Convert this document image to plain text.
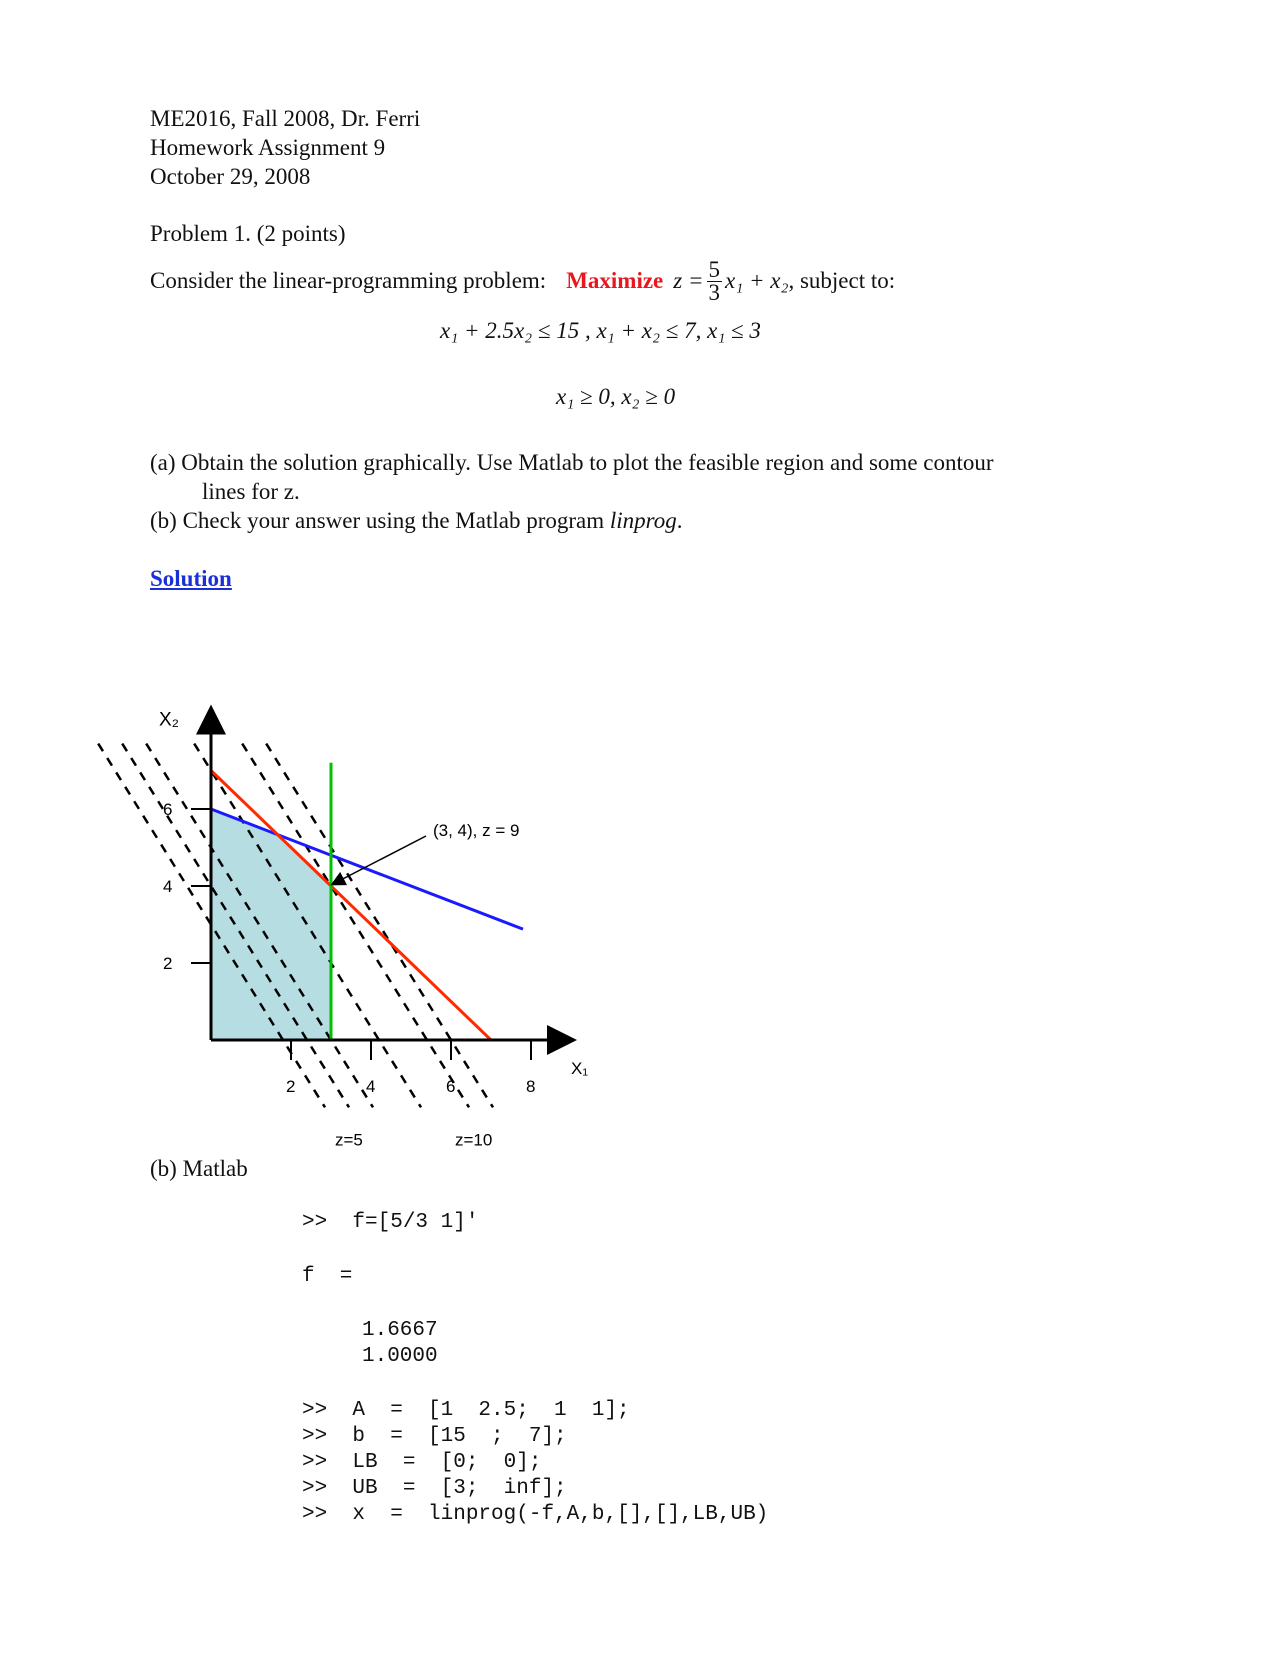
ME2016, Fall 2008, Dr. Ferri
Homework Assignment 9
October 29, 2008
Problem 1. (2 points)
Consider the linear-programming problem: Maximize $z = \frac{5}{3} x_1 + x_2$ , subject to:
x₁ + 2.5x₂ ≤ 15 , x₁ + x₂ ≤ 7, x₁ ≤ 3
x₁ ≥ 0, x₂ ≥ 0
(a) Obtain the solution graphically. Use Matlab to plot the feasible region and some contour
lines for z.
(b) Check your answer using the Matlab program linprog.
Solution
z=5	z=10
2	4	6	8
2
4
6
X₁
X₂
(3, 4), z = 9
(b) Matlab
>>  f=[5/3 1]'
f  =
1.6667
1.0000
>>  A  =  [1  2.5;  1  1];
>>  b  =  [15  ;  7];
>>  LB  =  [0;  0];
>>  UB  =  [3;  inf];
>>  x  =  linprog(-f,A,b,[],[],LB,UB)
